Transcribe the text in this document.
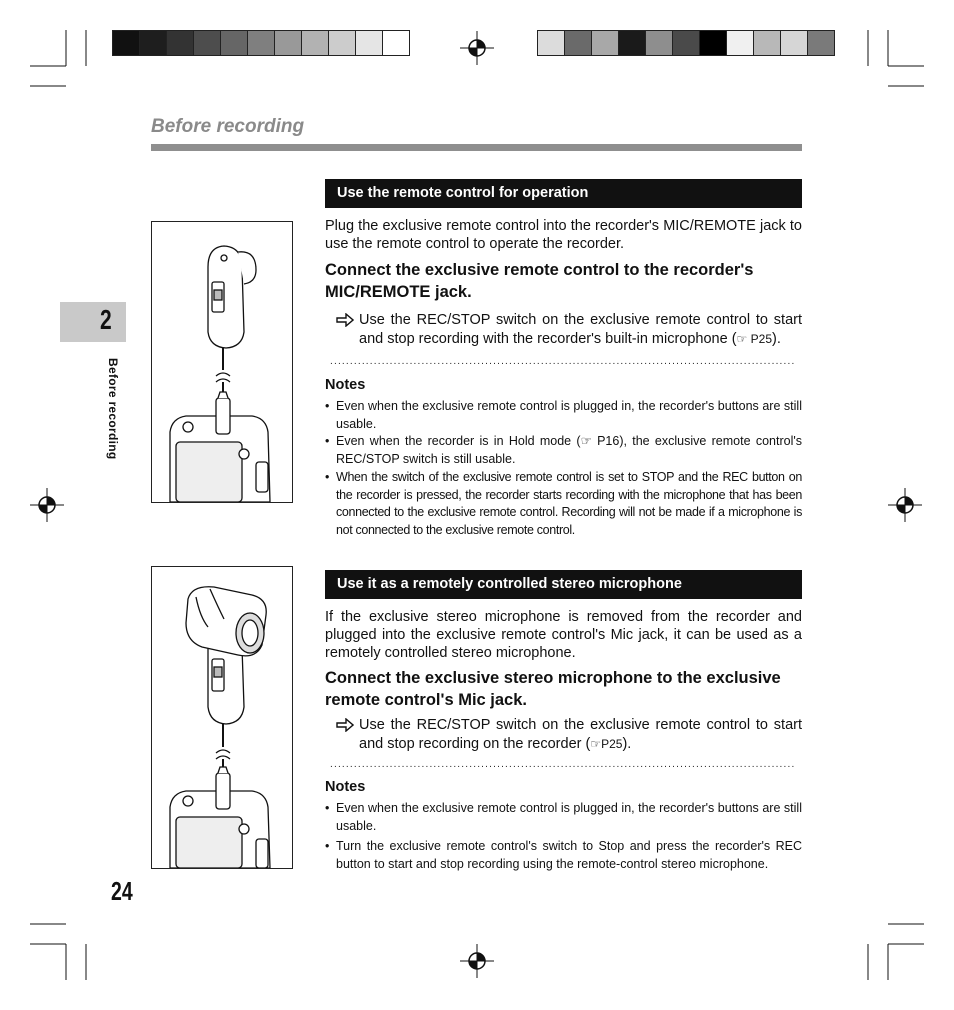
Before recording
2
Before recording
Use the remote control for operation
Plug the exclusive remote control into the recorder's MIC/REMOTE jack to use the remote control to operate the recorder.
Connect the exclusive remote control to the recorder's MIC/REMOTE jack.
Use the REC/STOP switch on the exclusive remote control to start and stop recording with the recorder's built-in microphone (☞ P25).
.....................................................................................................................
Notes
• Even when the exclusive remote control is plugged in, the recorder's buttons are still usable.
• Even when the recorder is in Hold mode (☞ P16), the exclusive remote control's REC/STOP switch is still usable.
• When the switch of the exclusive remote control is set to STOP and the REC button on the recorder is pressed, the recorder starts recording with the microphone that has been connected to the exclusive remote control. Recording will not be made if a microphone is not connected to the exclusive remote control.
Use it as a remotely controlled stereo microphone
If the exclusive stereo microphone is removed from the recorder and plugged into the exclusive remote control's Mic jack, it can be used as a remotely controlled stereo microphone.
Connect the exclusive stereo microphone to the exclusive remote control's Mic jack.
Use the REC/STOP switch on the exclusive remote control to start and stop recording on the recorder (☞P25).
.....................................................................................................................
Notes
• Even when the exclusive remote control is plugged in, the recorder's buttons are still usable.
• Turn the exclusive remote control's switch to Stop and press the recorder's REC button to start and stop recording using the remote-control stereo microphone.
24
